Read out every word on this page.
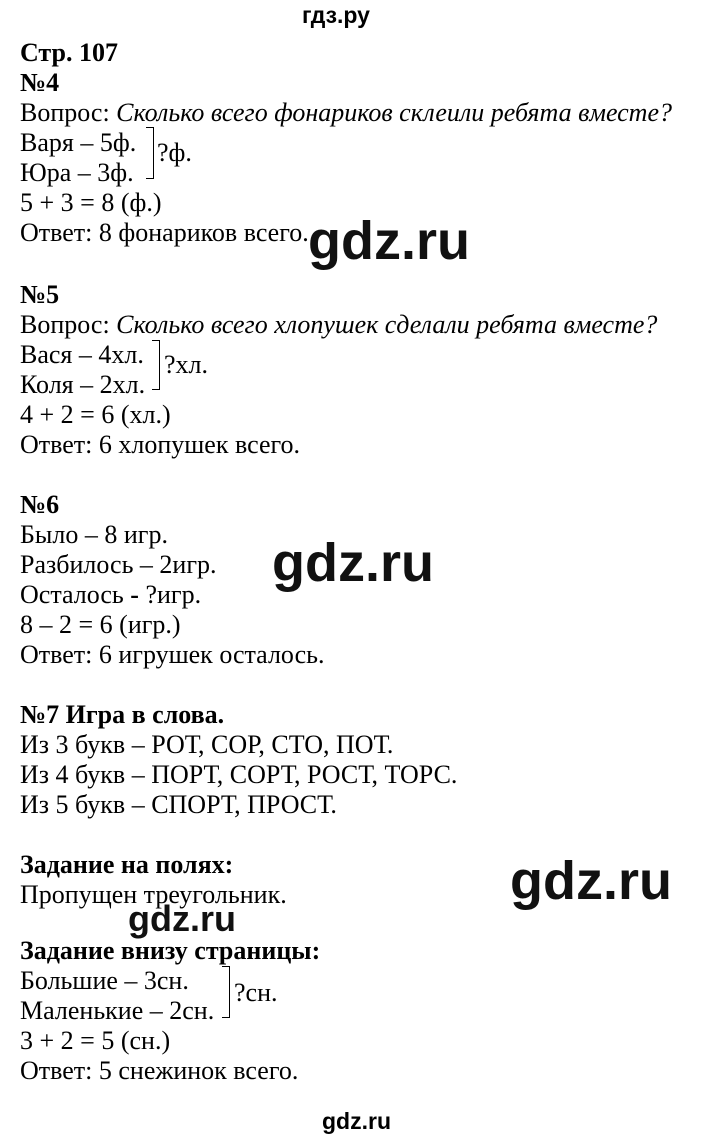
гдз.ру
Стр. 107
№4
Вопрос: Сколько всего фонариков склеили ребята вместе?
Варя – 5ф.
Юра – 3ф.
?ф.
5 + 3 = 8 (ф.)
Ответ: 8 фонариков всего.
№5
Вопрос: Сколько всего хлопушек сделали ребята вместе?
Вася – 4хл.
Коля – 2хл.
?хл.
4 + 2 = 6 (хл.)
Ответ: 6 хлопушек всего.
№6
Было – 8 игр.
Разбилось – 2игр.
Осталось - ?игр.
8 – 2 = 6 (игр.)
Ответ: 6 игрушек осталось.
№7 Игра в слова.
Из 3 букв – РОТ, СОР, СТО, ПОТ.
Из 4 букв – ПОРТ, СОРТ, РОСТ, ТОРС.
Из 5 букв – СПОРТ, ПРОСТ.
Задание на полях:
Пропущен треугольник.
Задание внизу страницы:
Большие – 3сн.
Маленькие – 2сн.
?сн.
3 + 2 = 5 (сн.)
Ответ: 5 снежинок всего.
gdz.ru
gdz.ru
gdz.ru
gdz.ru
gdz.ru
